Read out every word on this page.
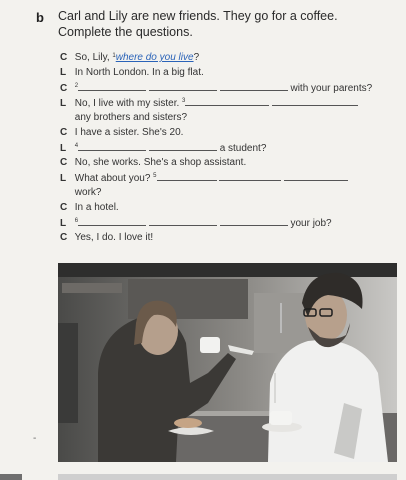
b Carl and Lily are new friends. They go for a coffee. Complete the questions.
C So, Lily, $^1$where do you live?
L In North London. In a big flat.
C $^2$	with your parents?
L No, I live with my sister. $^3$
any brothers and sisters?
C I have a sister. She's 20.
L $^4$	a student?
C No, she works. She's a shop assistant.
L What about you? $^5$
work?
C In a hotel.
L $^6$	your job?
C Yes, I do. I love it!
-
